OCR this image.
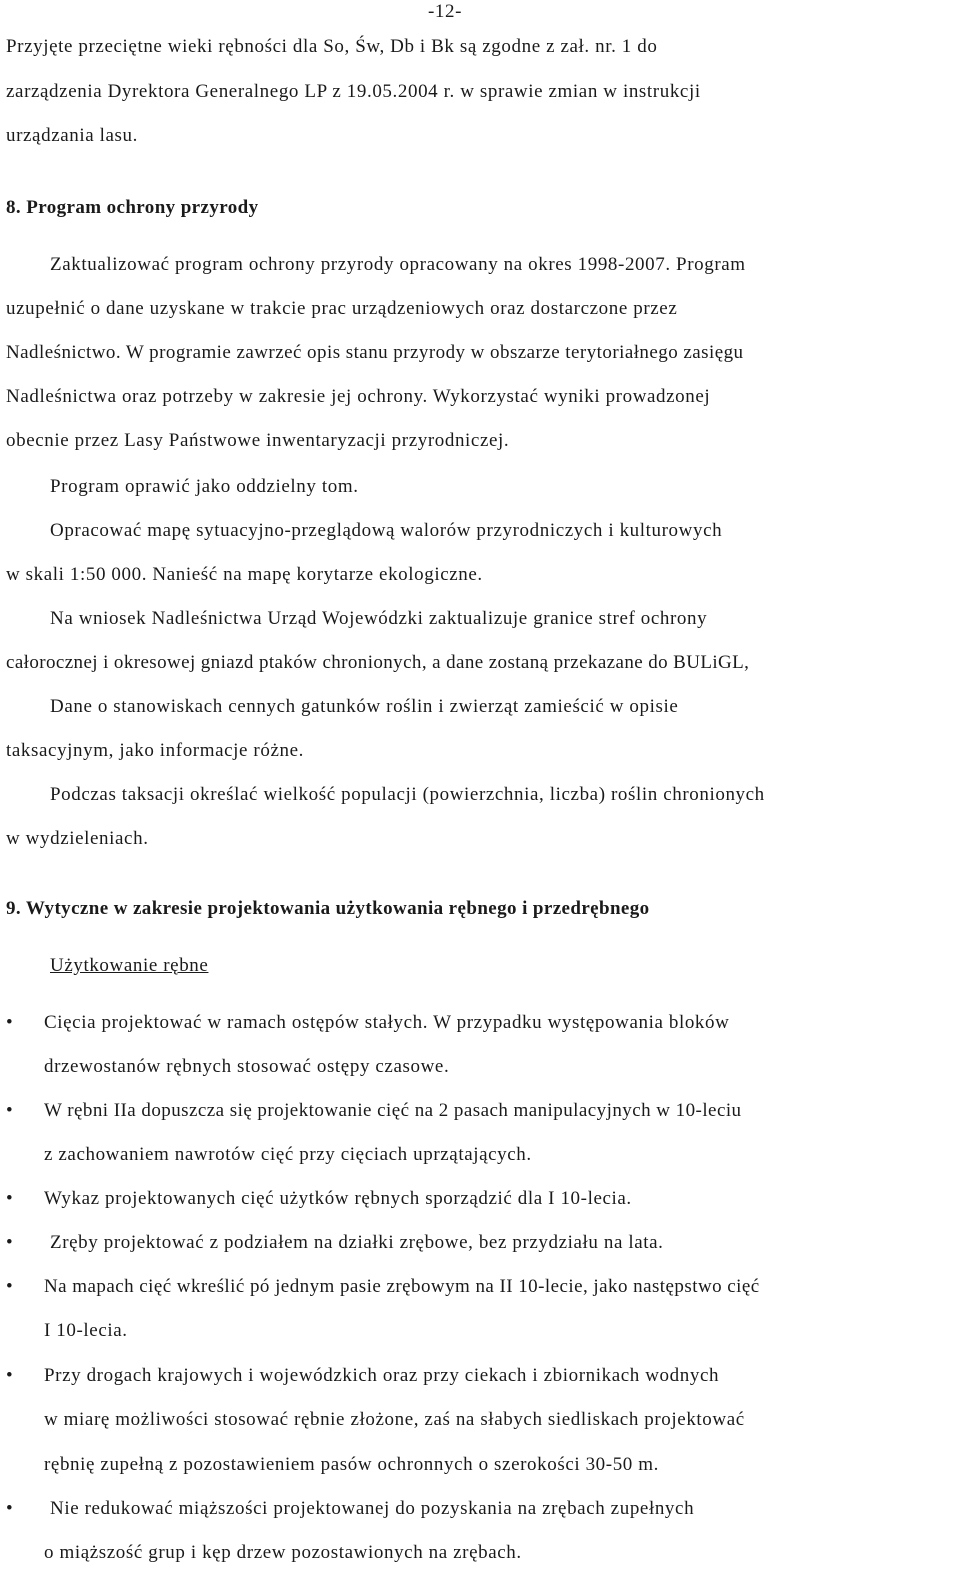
-12-
Przyjęte przeciętne wieki rębności dla So, Św, Db i Bk są zgodne z zał. nr. 1 do
zarządzenia Dyrektora Generalnego LP z 19.05.2004 r. w sprawie zmian w instrukcji
urządzania lasu.
8. Program ochrony przyrody
Zaktualizować program ochrony przyrody opracowany na okres 1998-2007. Program
uzupełnić o dane uzyskane w trakcie prac urządzeniowych oraz dostarczone przez
Nadleśnictwo. W programie zawrzeć opis stanu przyrody w obszarze terytoriałnego zasięgu
Nadleśnictwa oraz potrzeby w zakresie jej ochrony. Wykorzystać wyniki prowadzonej
obecnie przez Lasy Państwowe inwentaryzacji przyrodniczej.
Program oprawić jako oddzielny tom.
Opracować mapę sytuacyjno-przeglądową walorów przyrodniczych i kulturowych
w skali 1:50 000. Nanieść na mapę korytarze ekologiczne.
Na wniosek Nadleśnictwa Urząd Wojewódzki zaktualizuje granice stref ochrony
całorocznej i okresowej gniazd ptaków chronionych, a dane zostaną przekazane do BULiGL,
Dane o stanowiskach cennych gatunków roślin i zwierząt zamieścić w opisie
taksacyjnym, jako informacje różne.
Podczas taksacji określać wielkość populacji (powierzchnia, liczba) roślin chronionych
w wydzieleniach.
9. Wytyczne w zakresie projektowania użytkowania rębnego i przedrębnego
Użytkowanie rębne
• Cięcia projektować w ramach ostępów stałych. W przypadku występowania bloków
drzewostanów rębnych stosować ostępy czasowe.
• W rębni IIa dopuszcza się projektowanie cięć na 2 pasach manipulacyjnych w 10-leciu
z zachowaniem nawrotów cięć przy cięciach uprzątających.
• Wykaz projektowanych cięć użytków rębnych sporządzić dla I 10-lecia.
• Zręby projektować z podziałem na działki zrębowe, bez przydziału na lata.
• Na mapach cięć wkreślić pó jednym pasie zrębowym na II 10-lecie, jako następstwo cięć
I 10-lecia.
• Przy drogach krajowych i wojewódzkich oraz przy ciekach i zbiornikach wodnych
w miarę możliwości stosować rębnie złożone, zaś na słabych siedliskach projektować
rębnię zupełną z pozostawieniem pasów ochronnych o szerokości 30-50 m.
• Nie redukować miąższości projektowanej do pozyskania na zrębach zupełnych
o miąższość grup i kęp drzew pozostawionych na zrębach.
